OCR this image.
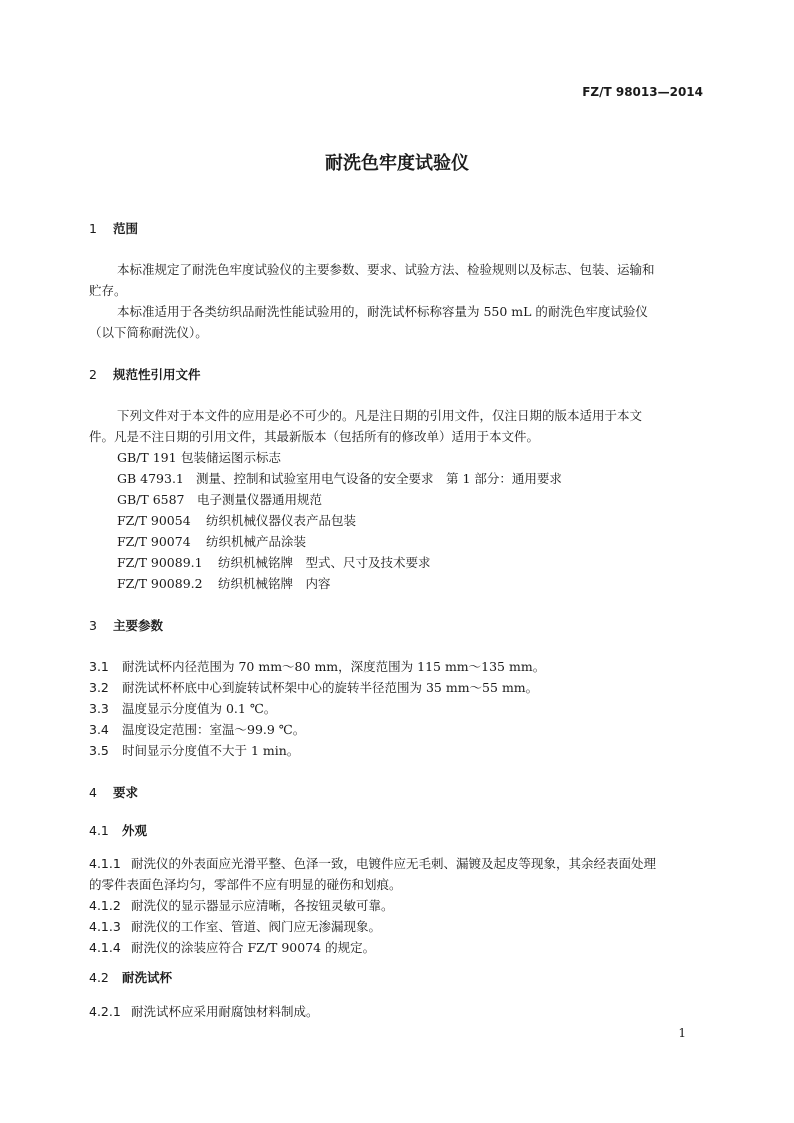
FZ/T 98013—2014
耐洗色牢度试验仪
1 范围
本标准规定了耐洗色牢度试验仪的主要参数、要求、试验方法、检验规则以及标志、包装、运输和
贮存。
本标准适用于各类纺织品耐洗性能试验用的，耐洗试杯标称容量为 550 mL 的耐洗色牢度试验仪
（以下简称耐洗仪）。
2 规范性引用文件
下列文件对于本文件的应用是必不可少的。凡是注日期的引用文件，仅注日期的版本适用于本文
件。凡是不注日期的引用文件，其最新版本（包括所有的修改单）适用于本文件。
GB/T 191 包装储运图示标志
GB 4793.1 测量、控制和试验室用电气设备的安全要求　第 1 部分：通用要求
GB/T 6587 电子测量仪器通用规范
FZ/T 90054 纺织机械仪器仪表产品包装
FZ/T 90074 纺织机械产品涂装
FZ/T 90089.1 纺织机械铭牌　型式、尺寸及技术要求
FZ/T 90089.2 纺织机械铭牌　内容
3 主要参数
3.1 耐洗试杯内径范围为 70 mm～80 mm，深度范围为 115 mm～135 mm。
3.2 耐洗试杯杯底中心到旋转试杯架中心的旋转半径范围为 35 mm～55 mm。
3.3 温度显示分度值为 0.1 ℃。
3.4 温度设定范围：室温～99.9 ℃。
3.5 时间显示分度值不大于 1 min。
4 要求
4.1 外观
4.1.1 耐洗仪的外表面应光滑平整、色泽一致，电镀件应无毛刺、漏镀及起皮等现象，其余经表面处理
的零件表面色泽均匀，零部件不应有明显的碰伤和划痕。
4.1.2 耐洗仪的显示器显示应清晰，各按钮灵敏可靠。
4.1.3 耐洗仪的工作室、管道、阀门应无渗漏现象。
4.1.4 耐洗仪的涂装应符合 FZ/T 90074 的规定。
4.2 耐洗试杯
4.2.1 耐洗试杯应采用耐腐蚀材料制成。
1
